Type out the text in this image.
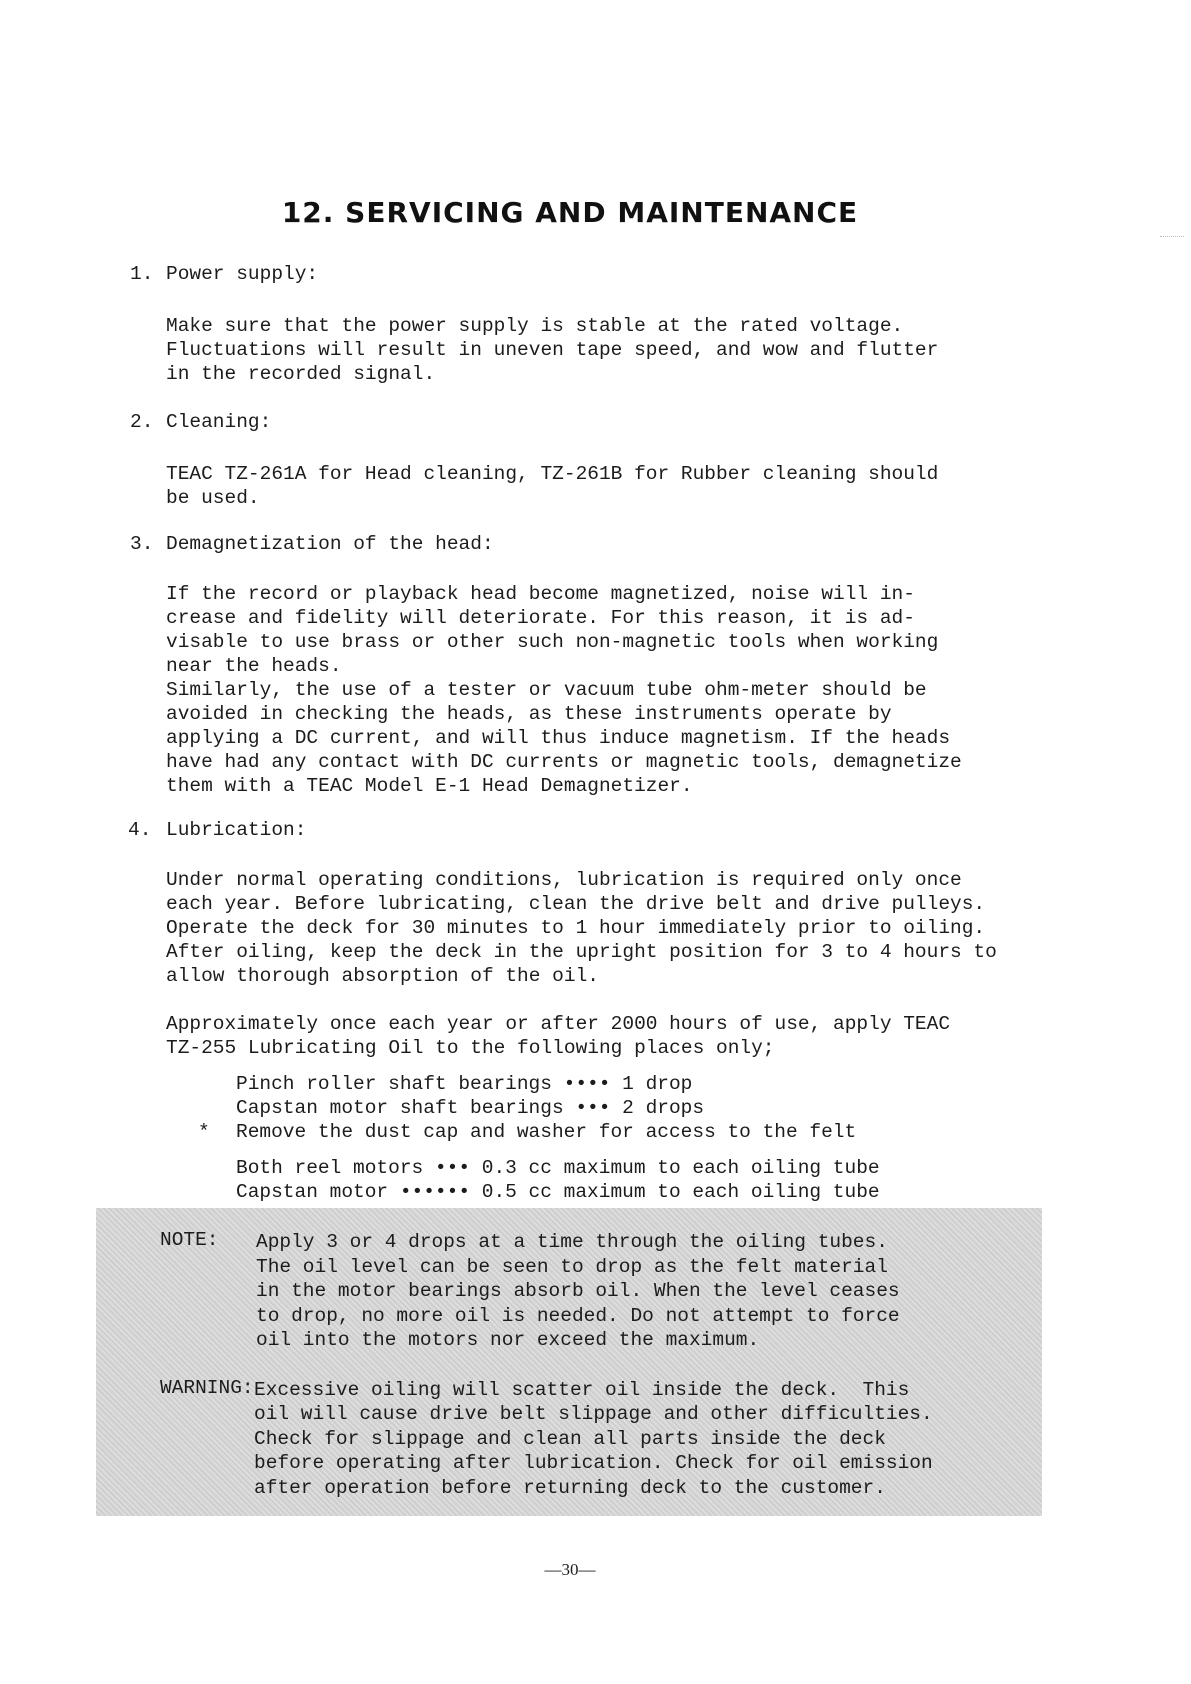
12. SERVICING AND MAINTENANCE
1. Power supply:
Make sure that the power supply is stable at the rated voltage.
Fluctuations will result in uneven tape speed, and wow and flutter
in the recorded signal.
2. Cleaning:
TEAC TZ-261A for Head cleaning, TZ-261B for Rubber cleaning should
be used.
3. Demagnetization of the head:
If the record or playback head become magnetized, noise will in-
crease and fidelity will deteriorate. For this reason, it is ad-
visable to use brass or other such non-magnetic tools when working
near the heads.
Similarly, the use of a tester or vacuum tube ohm-meter should be
avoided in checking the heads, as these instruments operate by
applying a DC current, and will thus induce magnetism. If the heads
have had any contact with DC currents or magnetic tools, demagnetize
them with a TEAC Model E-1 Head Demagnetizer.
4. Lubrication:
Under normal operating conditions, lubrication is required only once
each year. Before lubricating, clean the drive belt and drive pulleys.
Operate the deck for 30 minutes to 1 hour immediately prior to oiling.
After oiling, keep the deck in the upright position for 3 to 4 hours to
allow thorough absorption of the oil.
Approximately once each year or after 2000 hours of use, apply TEAC
TZ-255 Lubricating Oil to the following places only;
Pinch roller shaft bearings •••• 1 drop
Capstan motor shaft bearings ••• 2 drops
* Remove the dust cap and washer for access to the felt
Both reel motors ••• 0.3 cc maximum to each oiling tube
Capstan motor •••••• 0.5 cc maximum to each oiling tube
NOTE: Apply 3 or 4 drops at a time through the oiling tubes.
The oil level can be seen to drop as the felt material
in the motor bearings absorb oil. When the level ceases
to drop, no more oil is needed. Do not attempt to force
oil into the motors nor exceed the maximum.
WARNING: Excessive oiling will scatter oil inside the deck.  This
oil will cause drive belt slippage and other difficulties.
Check for slippage and clean all parts inside the deck
before operating after lubrication. Check for oil emission
after operation before returning deck to the customer.
—30—
